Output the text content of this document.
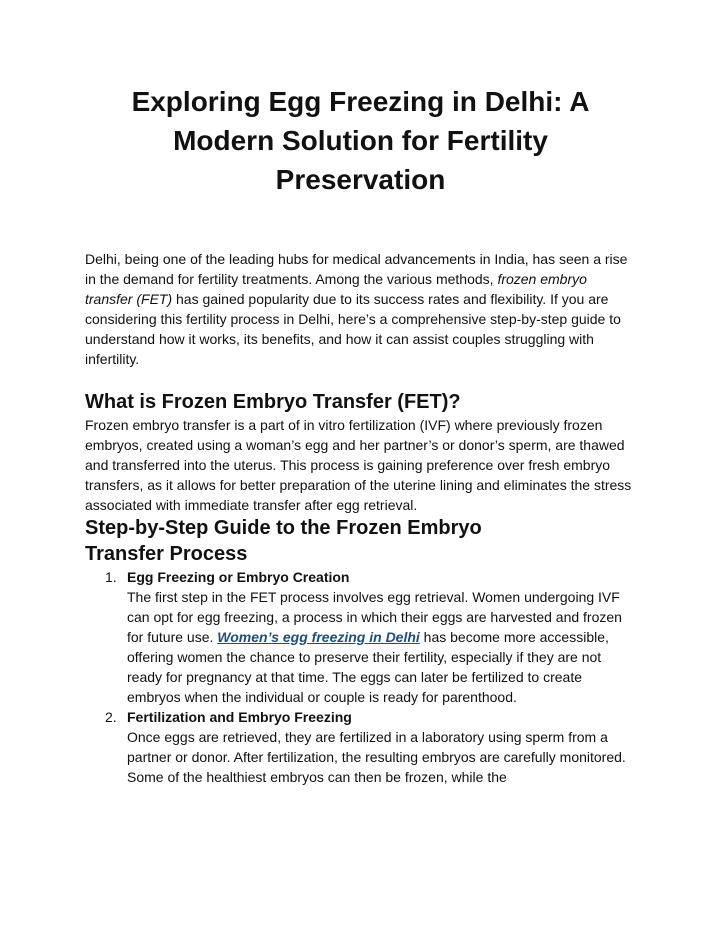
Exploring Egg Freezing in Delhi: A Modern Solution for Fertility Preservation

Delhi, being one of the leading hubs for medical advancements in India, has seen a rise in the demand for fertility treatments. Among the various methods, frozen embryo transfer (FET) has gained popularity due to its success rates and flexibility. If you are considering this fertility process in Delhi, here’s a comprehensive step-by-step guide to understand how it works, its benefits, and how it can assist couples struggling with infertility.

What is Frozen Embryo Transfer (FET)?

Frozen embryo transfer is a part of in vitro fertilization (IVF) where previously frozen embryos, created using a woman’s egg and her partner’s or donor’s sperm, are thawed and transferred into the uterus. This process is gaining preference over fresh embryo transfers, as it allows for better preparation of the uterine lining and eliminates the stress associated with immediate transfer after egg retrieval.

Step-by-Step Guide to the Frozen Embryo Transfer Process
1. Egg Freezing or Embryo Creation
The first step in the FET process involves egg retrieval. Women undergoing IVF can opt for egg freezing, a process in which their eggs are harvested and frozen for future use. Women’s egg freezing in Delhi has become more accessible, offering women the chance to preserve their fertility, especially if they are not ready for pregnancy at that time. The eggs can later be fertilized to create embryos when the individual or couple is ready for parenthood.
2. Fertilization and Embryo Freezing
Once eggs are retrieved, they are fertilized in a laboratory using sperm from a partner or donor. After fertilization, the resulting embryos are carefully monitored. Some of the healthiest embryos can then be frozen, while the
